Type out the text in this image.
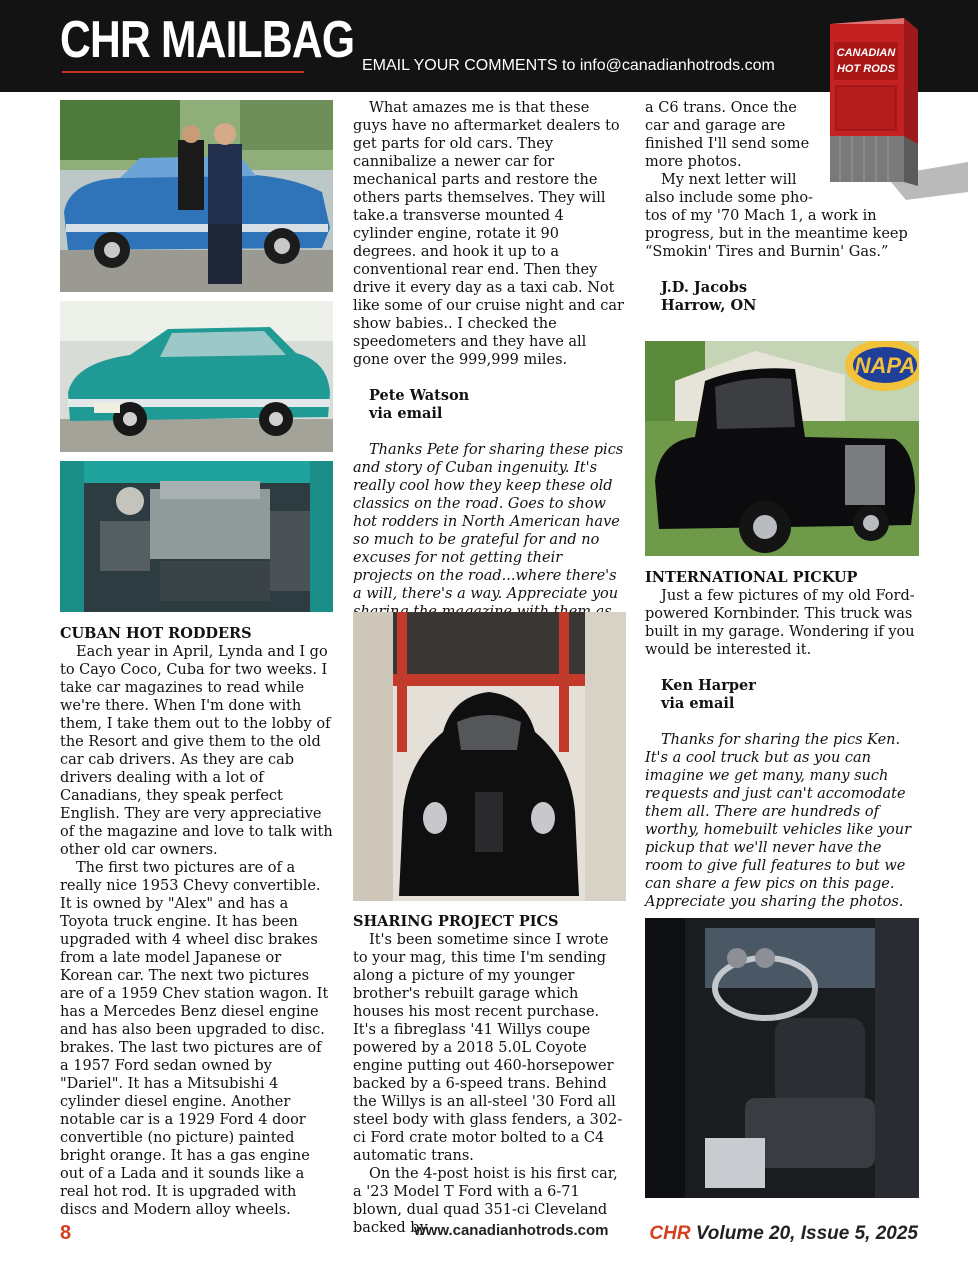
CHR MAILBAG EMAIL YOUR COMMENTS to info@canadianhotrods.com
CANADIAN
HOT RODS

CUBAN HOT RODDERS

Each year in April, Lynda and I go to Cayo Coco, Cuba for two weeks. I take car magazines to read while we're there. When I'm done with them, I take them out to the lobby of the Resort and give them to the old car cab drivers. As they are cab drivers dealing with a lot of Canadians, they speak perfect English. They are very appreciative of the magazine and love to talk with other old car owners.

The first two pictures are of a really nice 1953 Chevy convertible. It is owned by "Alex" and has a Toyota truck engine. It has been upgraded with 4 wheel disc brakes from a late model Japanese or Korean car. The next two pictures are of a 1959 Chev station wagon. It has a Mercedes Benz diesel engine and has also been upgraded to disc. brakes. The last two pictures are of a 1957 Ford sedan owned by "Dariel". It has a Mitsubishi 4 cylinder diesel engine. Another notable car is a 1929 Ford 4 door convertible (no picture) painted bright orange. It has a gas engine out of a Lada and it sounds like a real hot rod. It is upgraded with discs and Modern alloy wheels.

What amazes me is that these guys have no aftermarket dealers to get parts for old cars. They cannibalize a newer car for mechanical parts and restore the others parts themselves. They will take.a transverse mounted 4 cylinder engine, rotate it 90 degrees. and hook it up to a conventional rear end. Then they drive it every day as a taxi cab. Not like some of our cruise night and car show babies.. I checked the speedometers and they have all gone over the 999,999 miles.

Pete Watson

via email

Thanks Pete for sharing these pics and story of Cuban ingenuity. It's really cool how they keep these old classics on the road. Goes to show hot rodders in North American have so much to be grateful for and no excuses for not getting their projects on the road...where there's a will, there's a way. Appreciate you

SHARING PROJECT PICS

It's been sometime since I wrote to your mag, this time I'm sending along a picture of my younger brother's rebuilt garage which houses his most recent purchase. It's a fibreglass '41 Willys coupe powered by a 2018 5.0L Coyote engine putting out 460-horsepower backed by a 6-speed trans. Behind the Willys is an all-steel '30 Ford all steel body with glass fenders, a 302-ci Ford crate motor bolted to a C4 automatic trans.

On the 4-post hoist is his first car, a '23 Model T Ford with a 6-71 blown, dual quad 351-ci Cleveland backed by

a C6 trans. Once the

car and garage are

finished I'll send some

more photos.

My next letter will

also include some pho-

tos of my '70 Mach 1, a work in progress, but in the meantime keep “Smokin' Tires and Burnin' Gas.”

J.D. Jacobs

Harrow, ON

NAPA

INTERNATIONAL PICKUP

Just a few pictures of my old Ford-powered Kornbinder. This truck was built in my garage. Wondering if you would be interested it.

Ken Harper

via email

Thanks for sharing the pics Ken. It's a cool truck but as you can imagine we get many, many such requests and just can't accomodate them all. There are hundreds of worthy, homebuilt vehicles like your pickup that we'll never have the room to give full features to but we can share a few pics on this page. Appreciate you sharing the photos.

8	www.canadianhotrods.com CHR Volume 20, Issue 5, 2025
